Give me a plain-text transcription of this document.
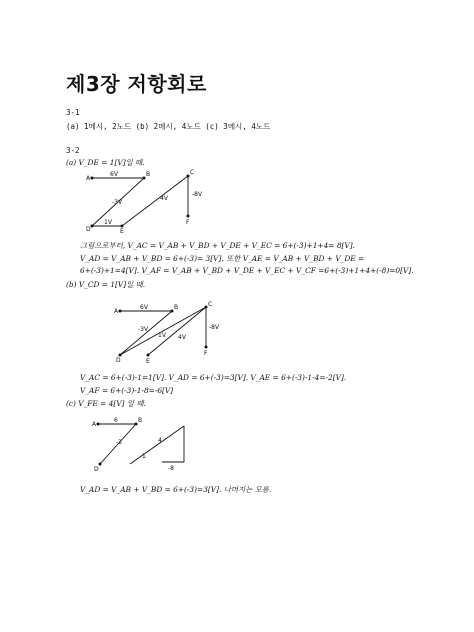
제3장 저항회로
3-1
(a) 1메시, 2노드 (b) 2메시, 4노드 (c) 3메시, 4노드
3-2
(a) V_DE = 1[V]일 때.
A
B	C
D	E
F
6V
-3V
1V
4V
-8V
그림으로부터, V_AC = V_AB + V_BD + V_DE + V_EC = 6+(-3)+1+4= 8[V].
V_AD = V_AB + V_BD = 6+(-3)= 3[V]. 또한 V_AE = V_AB + V_BD + V_DE =
6+(-3)+1=4[V]. V_AF = V_AB + V_BD + V_DE + V_EC + V_CF =6+(-3)+1+4+(-8)=0[V].
(b) V_CD = 1[V]일 때.
A
B	C
D	E
F
6V
-3V
1V 4V
-8V
V_AC = 6+(-3)-1=1[V]. V_AD = 6+(-3)=3[V]. V_AE = 6+(-3)-1-4=-2[V].
V_AF = 6+(-3)-1-8=-6[V]
(c) V_FE = 4[V] 일 때.
A
B
D
6
-3
1
4
-8
V_AD = V_AB + V_BD = 6+(-3)=3[V]. 나머지는 모름.
